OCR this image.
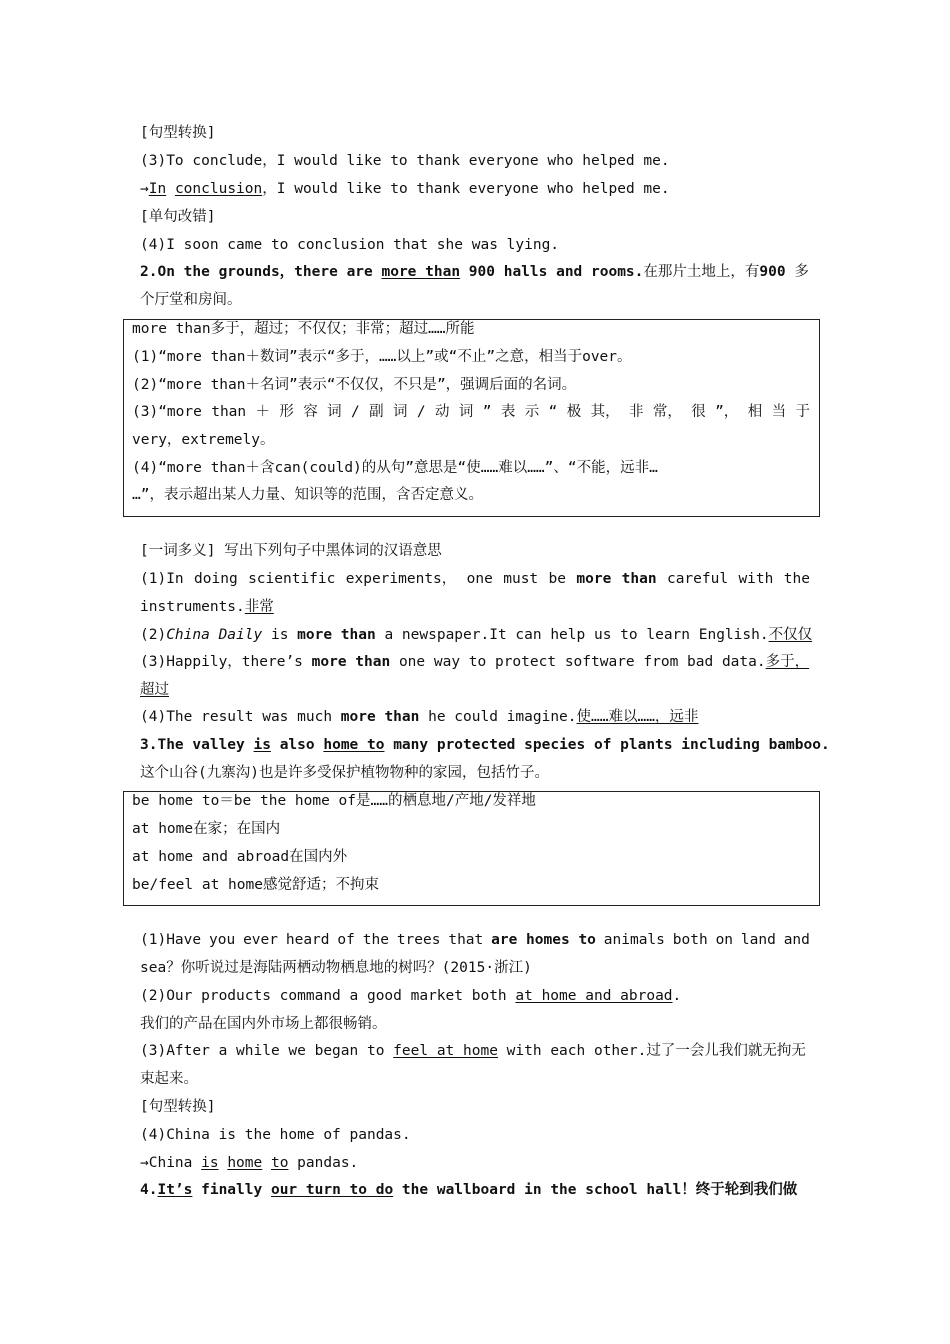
[句型转换]
(3)To conclude，I would like to thank everyone who helped me.
→In conclusion，I would like to thank everyone who helped me.
[单句改错]
(4)I soon came to conclusion that she was lying.
2.On the grounds，there are more than 900 halls and rooms.在那片土地上，有900 多
个厅堂和房间。
more than多于，超过；不仅仅；非常；超过……所能
(1)“more than＋数词”表示“多于，……以上”或“不止”之意，相当于over。
(2)“more than＋名词”表示“不仅仅，不只是”，强调后面的名词。
(3)“more than ＋ 形 容 词 / 副 词 / 动 词 ” 表 示 “ 极 其， 非 常， 很 ”， 相 当 于
very，extremely。
(4)“more than＋含can(could)的从句”意思是“使……难以……”、“不能，远非…
…”，表示超出某人力量、知识等的范围，含否定意义。
[一词多义] 写出下列句子中黑体词的汉语意思
(1)In doing scientific experiments， one must be more than careful with the
instruments.非常
(2)China Daily is more than a newspaper.It can help us to learn English.不仅仅
(3)Happily，there’s more than one way to protect software from bad data.多于，
超过
(4)The result was much more than he could imagine.使……难以……，远非
3.The valley is also home to many protected species of plants including bamboo.
这个山谷(九寨沟)也是许多受保护植物物种的家园，包括竹子。
be home to＝be the home of是……的栖息地/产地/发祥地
at home在家；在国内
at home and abroad在国内外
be/feel at home感觉舒适；不拘束
(1)Have you ever heard of the trees that are homes to animals both on land and
sea？你听说过是海陆两栖动物栖息地的树吗？(2015·浙江)
(2)Our products command a good market both at home and abroad.
我们的产品在国内外市场上都很畅销。
(3)After a while we began to feel at home with each other.过了一会儿我们就无拘无
束起来。
[句型转换]
(4)China is the home of pandas.
→China is home to pandas.
4.It’s finally our turn to do the wallboard in the school hall！终于轮到我们做
